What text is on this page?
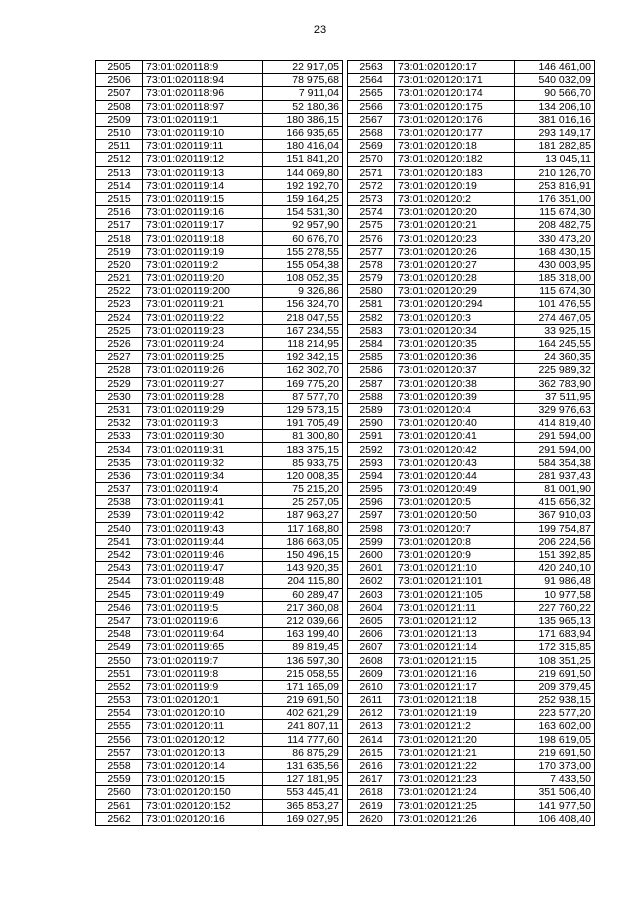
23
2505	73:01:020118:9	22 917,05
2506	73:01:020118:94	78 975,68
2507	73:01:020118:96	7 911,04
2508	73:01:020118:97	52 180,36
2509	73:01:020119:1	180 386,15
2510	73:01:020119:10	166 935,65
2511	73:01:020119:11	180 416,04
2512	73:01:020119:12	151 841,20
2513	73:01:020119:13	144 069,80
2514	73:01:020119:14	192 192,70
2515	73:01:020119:15	159 164,25
2516	73:01:020119:16	154 531,30
2517	73:01:020119:17	92 957,90
2518	73:01:020119:18	60 676,70
2519	73:01:020119:19	155 278,55
2520	73:01:020119:2	155 054,38
2521	73:01:020119:20	108 052,35
2522	73:01:020119:200	9 326,86
2523	73:01:020119:21	156 324,70
2524	73:01:020119:22	218 047,55
2525	73:01:020119:23	167 234,55
2526	73:01:020119:24	118 214,95
2527	73:01:020119:25	192 342,15
2528	73:01:020119:26	162 302,70
2529	73:01:020119:27	169 775,20
2530	73:01:020119:28	87 577,70
2531	73:01:020119:29	129 573,15
2532	73:01:020119:3	191 705,49
2533	73:01:020119:30	81 300,80
2534	73:01:020119:31	183 375,15
2535	73:01:020119:32	85 933,75
2536	73:01:020119:34	120 008,35
2537	73:01:020119:4	75 215,20
2538	73:01:020119:41	25 257,05
2539	73:01:020119:42	187 963,27
2540	73:01:020119:43	117 168,80
2541	73:01:020119:44	186 663,05
2542	73:01:020119:46	150 496,15
2543	73:01:020119:47	143 920,35
2544	73:01:020119:48	204 115,80
2545	73:01:020119:49	60 289,47
2546	73:01:020119:5	217 360,08
2547	73:01:020119:6	212 039,66
2548	73:01:020119:64	163 199,40
2549	73:01:020119:65	89 819,45
2550	73:01:020119:7	136 597,30
2551	73:01:020119:8	215 058,55
2552	73:01:020119:9	171 165,09
2553	73:01:020120:1	219 691,50
2554	73:01:020120:10	402 621,29
2555	73:01:020120:11	241 807,11
2556	73:01:020120:12	114 777,60
2557	73:01:020120:13	86 875,29
2558	73:01:020120:14	131 635,56
2559	73:01:020120:15	127 181,95
2560	73:01:020120:150	553 445,41
2561	73:01:020120:152	365 853,27
2562	73:01:020120:16	169 027,95
2563	73:01:020120:17	146 461,00
2564	73:01:020120:171	540 032,09
2565	73:01:020120:174	90 566,70
2566	73:01:020120:175	134 206,10
2567	73:01:020120:176	381 016,16
2568	73:01:020120:177	293 149,17
2569	73:01:020120:18	181 282,85
2570	73:01:020120:182	13 045,11
2571	73:01:020120:183	210 126,70
2572	73:01:020120:19	253 816,91
2573	73:01:020120:2	176 351,00
2574	73:01:020120:20	115 674,30
2575	73:01:020120:21	208 482,75
2576	73:01:020120:23	330 473,20
2577	73:01:020120:26	168 430,15
2578	73:01:020120:27	430 003,95
2579	73:01:020120:28	185 318,00
2580	73:01:020120:29	115 674,30
2581	73:01:020120:294	101 476,55
2582	73:01:020120:3	274 467,05
2583	73:01:020120:34	33 925,15
2584	73:01:020120:35	164 245,55
2585	73:01:020120:36	24 360,35
2586	73:01:020120:37	225 989,32
2587	73:01:020120:38	362 783,90
2588	73:01:020120:39	37 511,95
2589	73:01:020120:4	329 976,63
2590	73:01:020120:40	414 819,40
2591	73:01:020120:41	291 594,00
2592	73:01:020120:42	291 594,00
2593	73:01:020120:43	584 354,38
2594	73:01:020120:44	281 937,43
2595	73:01:020120:49	81 001,90
2596	73:01:020120:5	415 656,32
2597	73:01:020120:50	367 910,03
2598	73:01:020120:7	199 754,87
2599	73:01:020120:8	206 224,56
2600	73:01:020120:9	151 392,85
2601	73:01:020121:10	420 240,10
2602	73:01:020121:101	91 986,48
2603	73:01:020121:105	10 977,58
2604	73:01:020121:11	227 760,22
2605	73:01:020121:12	135 965,13
2606	73:01:020121:13	171 683,94
2607	73:01:020121:14	172 315,85
2608	73:01:020121:15	108 351,25
2609	73:01:020121:16	219 691,50
2610	73:01:020121:17	209 379,45
2611	73:01:020121:18	252 938,15
2612	73:01:020121:19	223 577,20
2613	73:01:020121:2	163 602,00
2614	73:01:020121:20	198 619,05
2615	73:01:020121:21	219 691,50
2616	73:01:020121:22	170 373,00
2617	73:01:020121:23	7 433,50
2618	73:01:020121:24	351 506,40
2619	73:01:020121:25	141 977,50
2620	73:01:020121:26	106 408,40
